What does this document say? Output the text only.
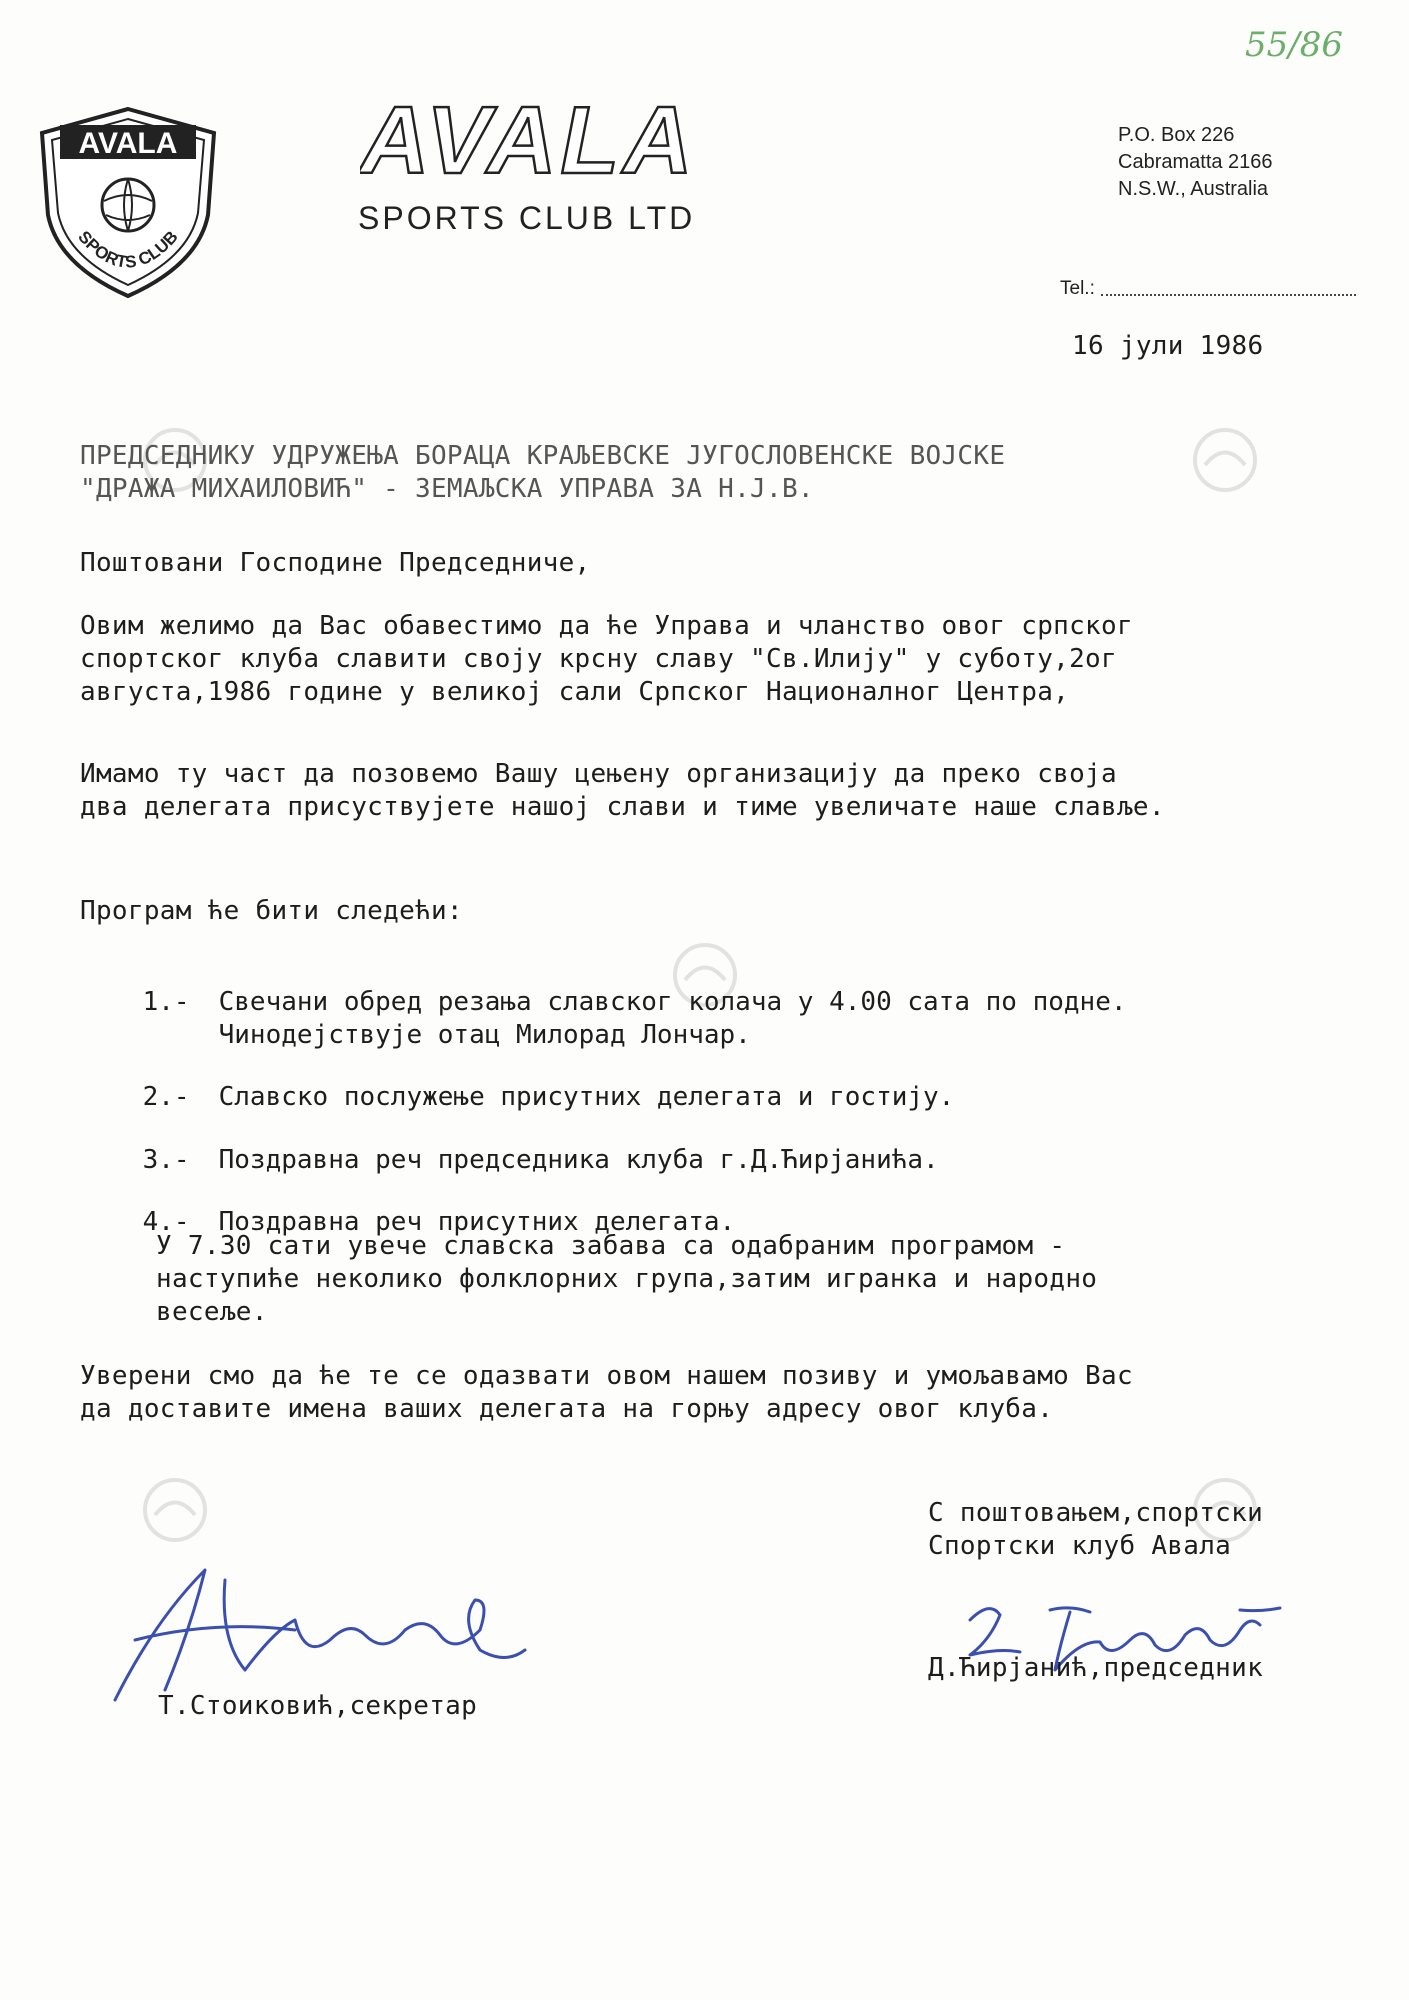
AVALA
SPORTS CLUB
AVALA
SPORTS CLUB LTD
55/86
P.O. Box 226
Cabramatta 2166
N.S.W., Australia
Tel.:
16 јули 1986
ПРЕДСЕДНИКУ УДРУЖЕЊА БОРАЦА КРАЉЕВСКЕ ЈУГОСЛОВЕНСКЕ ВОЈСКЕ
"ДРАЖА МИХАИЛОВИЋ" - ЗЕМАЉСКА УПРАВА ЗА Н.Ј.В.
Поштовани Господине Председниче,
Овим желимо да Вас обавестимо да ће Управа и чланство овог српског
спортског клуба славити своју крсну славу "Св.Илију" у суботу,2ог
августа,1986 године у великој сали Српског Националног Центра,
Имамо ту част да позовемо Вашу цењену организацију да преко своја
два делегата присуствујете нашој слави и тиме увеличате наше славље.
Програм ће бити следећи:

1.- Свечани обред резања славског колача у 4.00 сата по подне.
Чинодејствује отац Милорад Лончар.

2.- Славско послужење присутних делегата и гостију.

3.- Поздравна реч председника клуба г.Д.Ћирјанића.

4.- Поздравна реч присутних делегата.

У 7.30 сати увече славска забава са одабраним програмом -
наступиће неколико фолклорних група,затим игранка и народно
весеље.
Уверени смо да ће те се одазвати овом нашем позиву и умољавамо Вас
да доставите имена ваших делегата на горњу адресу овог клуба.
С поштовањем,спортски
Спортски клуб Авала
Т.Стоиковић,секретар
Д.Ћирјанић,председник
